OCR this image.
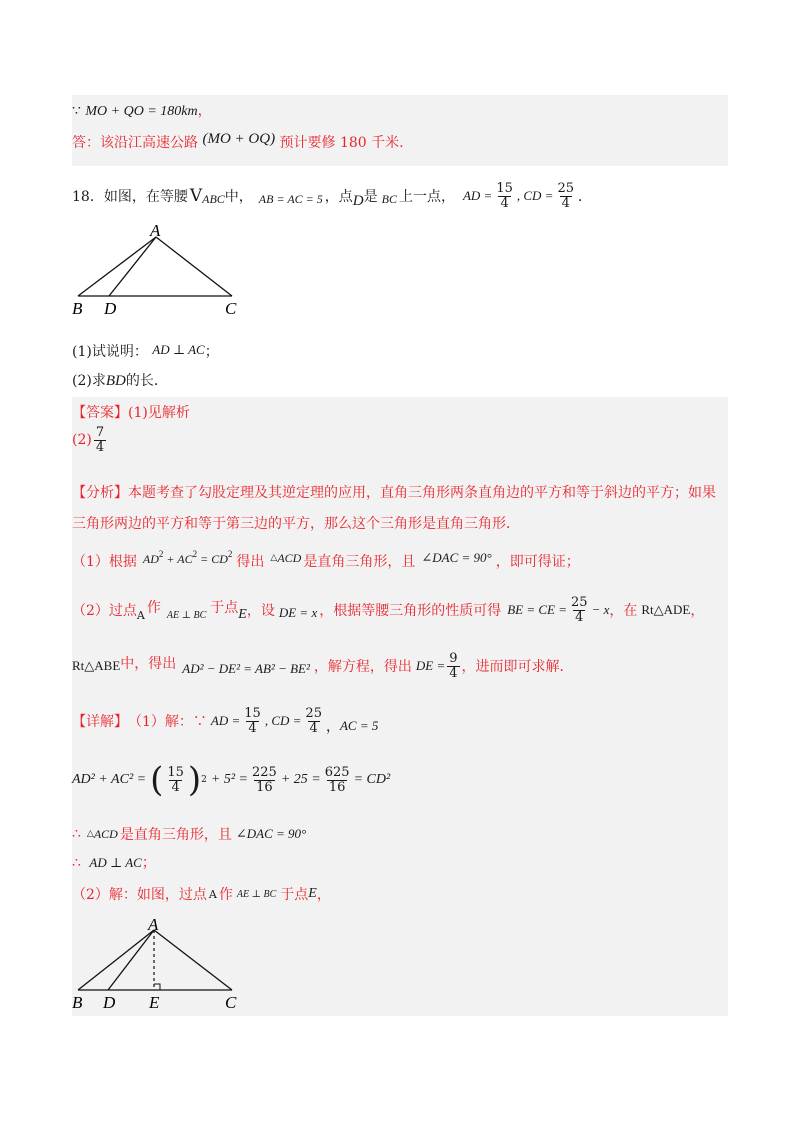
∵ MO + QO = 180km，
答：该沿江高速公路 (MO + OQ) 预计要修 180 千米.
18． 如图，在等腰 V ABC 中， AB = AC = 5 ，点 D 是 BC 上一点， AD = $\frac{15}{4}$ , CD = $\frac{25}{4}$ ．
A
B D	C
(1)试说明： AD ⊥ AC；
(2)求BD的长．
【答案】(1)见解析
$(2) \frac{7}{4}$
【分析】本题考查了勾股定理及其逆定理的应用，直角三角形两条直角边的平方和等于斜边的平方；如果
三角形两边的平方和等于第三边的平方，那么这个三角形是直角三角形．
（1）根据 $AD^2 + AC^2 = CD^2$ 得出 △ACD 是直角三角形，且 ∠DAC = 90° ，即可得证；
（2）过点 A 作 AE ⊥ BC 于点 E ，设 DE = x ，根据等腰三角形的性质可得 BE = CE = $\frac{25}{4} - x$ ，在 Rt△ADE ，
Rt△ABE 中，得出 AD² − DE² = AB² − BE² ，解方程，得出 DE = $\frac{9}{4}$ ，进而即可求解．
【详解】 （1）解：∵ AD = $\frac{15}{4}$ , CD = $\frac{25}{4}$ ， AC = 5
AD² + AC² = ( $\frac{15}{4}$ ) $2 + 5^2 = \frac{225}{16} + 25 = \frac{625}{16} = CD^2$
∴ △ACD 是直角三角形，且 ∠DAC = 90°
∴ AD ⊥ AC；
（2）解：如图，过点 A 作 AE ⊥ BC 于点 E ，
A
B D E	C
